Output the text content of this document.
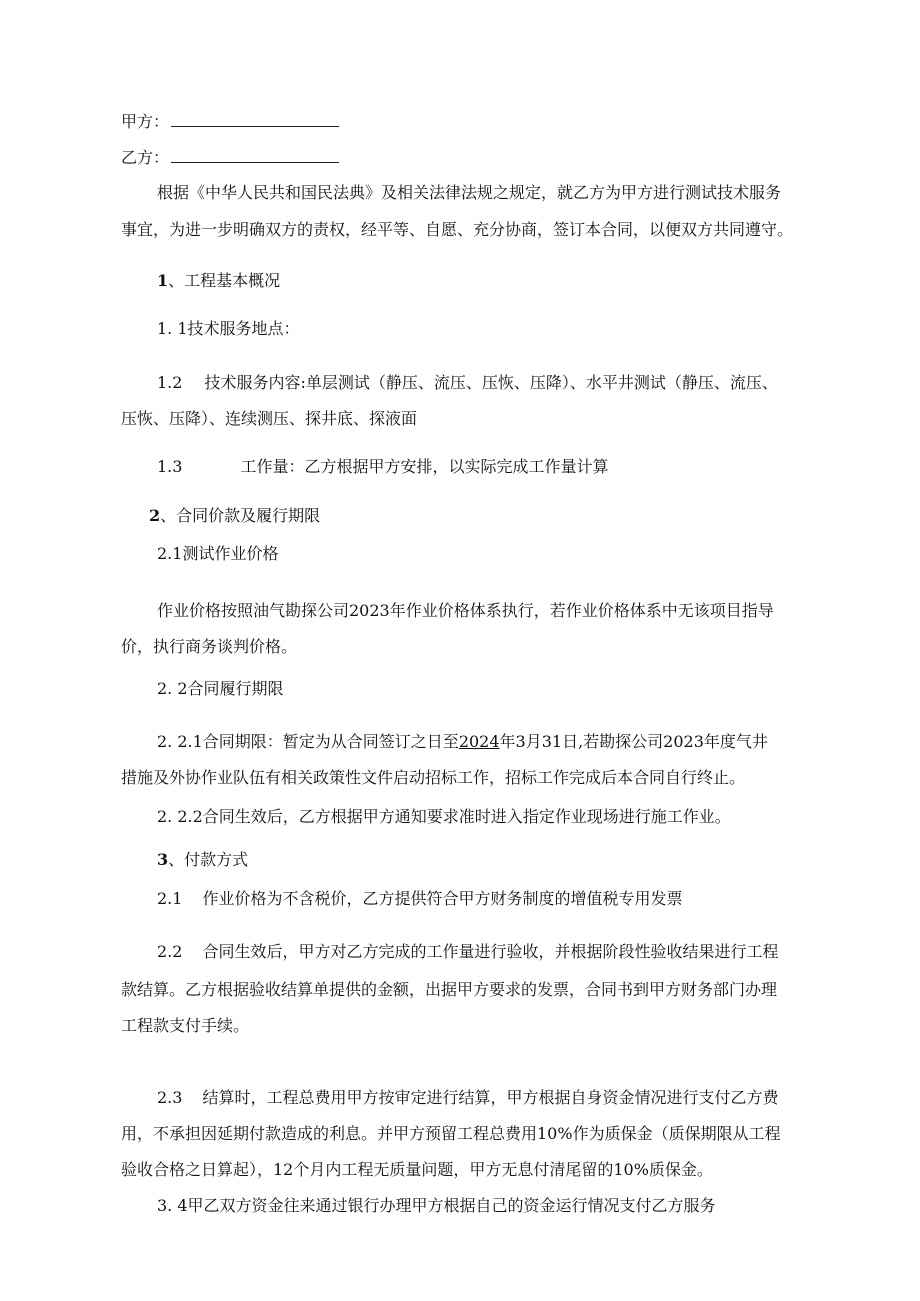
甲方：
乙方：
根据《中华人民共和国民法典》及相关法律法规之规定，就乙方为甲方进行测试技术服务
事宜，为进一步明确双方的责权，经平等、自愿、充分协商，签订本合同，以便双方共同遵守。
1、工程基本概况
1. 1技术服务地点：
1.2 技术服务内容:单层测试（静压、流压、压恢、压降）、水平井测试（静压、流压、
压恢、压降）、连续测压、探井底、探液面
1.3	工作量：乙方根据甲方安排，以实际完成工作量计算
2、合同价款及履行期限
2.1测试作业价格
作业价格按照油气勘探公司2023年作业价格体系执行，若作业价格体系中无该项目指导
价，执行商务谈判价格。
2. 2合同履行期限
2. 2.1合同期限：暂定为从合同签订之日至2024年3月31日,若勘探公司2023年度气井
措施及外协作业队伍有相关政策性文件启动招标工作，招标工作完成后本合同自行终止。
2. 2.2合同生效后，乙方根据甲方通知要求准时进入指定作业现场进行施工作业。
3、付款方式
2.1 作业价格为不含税价，乙方提供符合甲方财务制度的增值税专用发票
2.2 合同生效后，甲方对乙方完成的工作量进行验收，并根据阶段性验收结果进行工程
款结算。乙方根据验收结算单提供的金额，出据甲方要求的发票，合同书到甲方财务部门办理
工程款支付手续。
2.3 结算时，工程总费用甲方按审定进行结算，甲方根据自身资金情况进行支付乙方费
用，不承担因延期付款造成的利息。并甲方预留工程总费用10%作为质保金（质保期限从工程
验收合格之日算起），12个月内工程无质量问题，甲方无息付清尾留的10%质保金。
3. 4甲乙双方资金往来通过银行办理甲方根据自己的资金运行情况支付乙方服务
